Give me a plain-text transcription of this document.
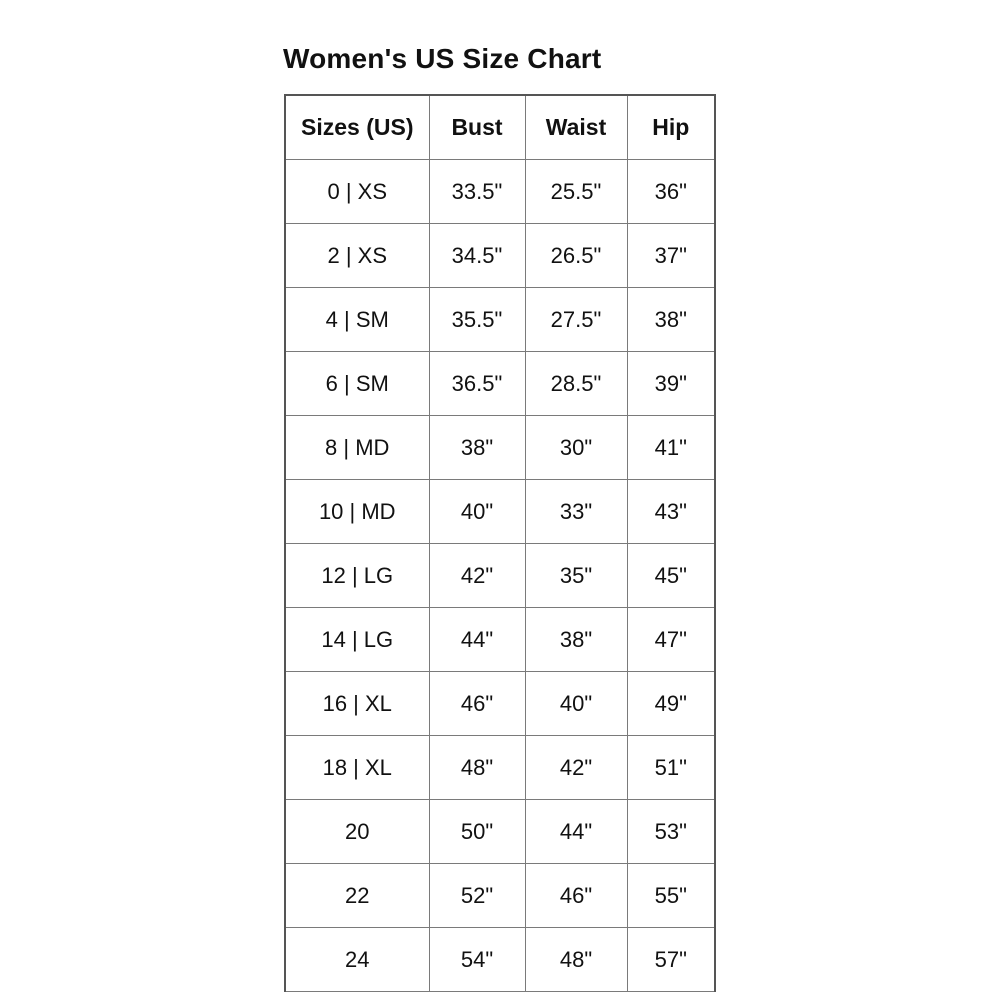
Women's US Size Chart
Sizes (US)	Bust	Waist	Hip
0 | XS	33.5"	25.5"	36"
2 | XS	34.5"	26.5"	37"
4 | SM	35.5"	27.5"	38"
6 | SM	36.5"	28.5"	39"
8 | MD	38"	30"	41"
10 | MD	40"	33"	43"
12 | LG	42"	35"	45"
14 | LG	44"	38"	47"
16 | XL	46"	40"	49"
18 | XL	48"	42"	51"
20	50"	44"	53"
22	52"	46"	55"
24	54"	48"	57"
